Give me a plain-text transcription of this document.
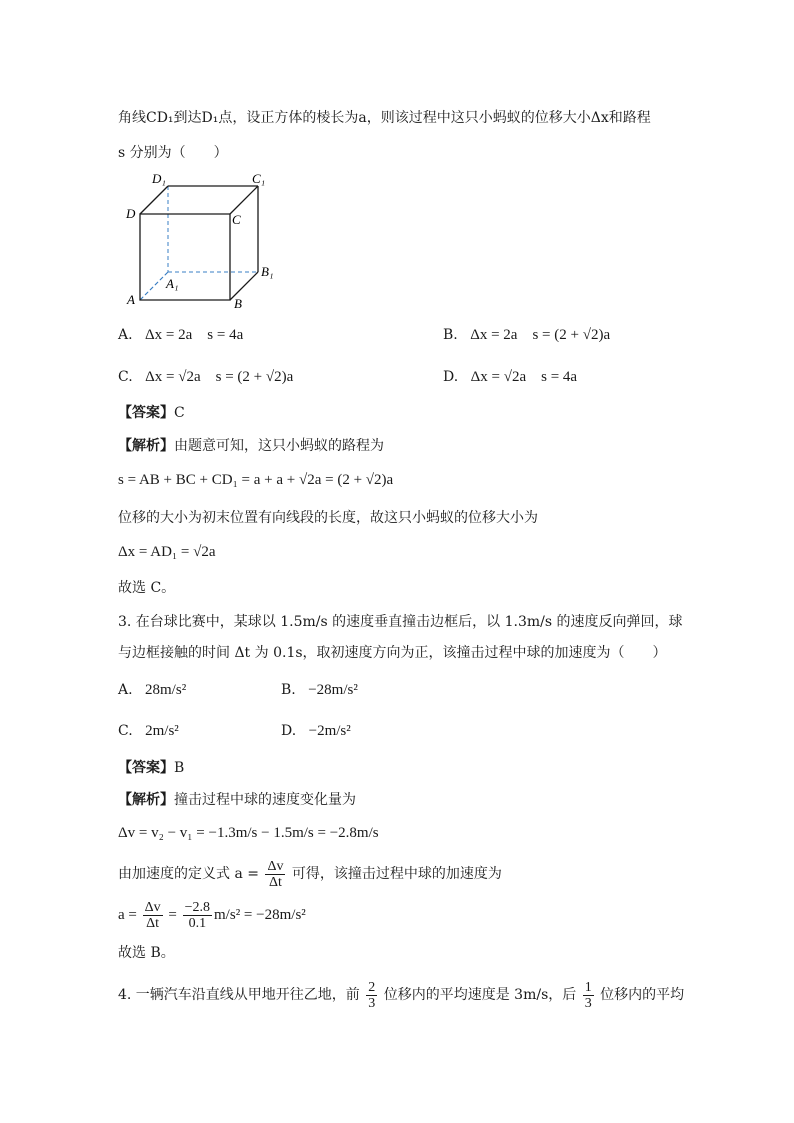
角线CD₁到达D₁点，设正方体的棱长为a，则该过程中这只小蚂蚁的位移大小Δx和路程
s 分别为（　　）
D₁	C₁
D	C
B₁
A₁
A	B
A. Δx = 2a　s = 4a	B. Δx = 2a　s = (2 + √2)a
C. Δx = √2a　s = (2 + √2)a	D. Δx = √2a　s = 4a
【答案】C
【解析】由题意可知，这只小蚂蚁的路程为
s = AB + BC + CD₁ = a + a + √2a = (2 + √2)a
位移的大小为初末位置有向线段的长度，故这只小蚂蚁的位移大小为
Δx = AD₁ = √2a
故选 C。
3. 在台球比赛中，某球以 1.5m/s 的速度垂直撞击边框后，以 1.3m/s 的速度反向弹回，球
与边框接触的时间 Δt 为 0.1s，取初速度方向为正，该撞击过程中球的加速度为（　　）
A. 28m/s²	B. −28m/s²
C. 2m/s²	D. −2m/s²
【答案】B
【解析】撞击过程中球的速度变化量为
Δv = v₂ − v₁ = −1.3m/s − 1.5m/s = −2.8m/s
由加速度的定义式 $a = \frac{\Delta v}{\Delta t}$ 可得，该撞击过程中球的加速度为
$a = \frac{\Delta v}{\Delta t} = \frac{-2.8}{0.1} m/s^2 = -28m/s^2$
故选 B。
4. 一辆汽车沿直线从甲地开往乙地，前 $\frac{2}{3}$ 位移内的平均速度是 3m/s，后 $\frac{1}{3}$ 位移内的平均
